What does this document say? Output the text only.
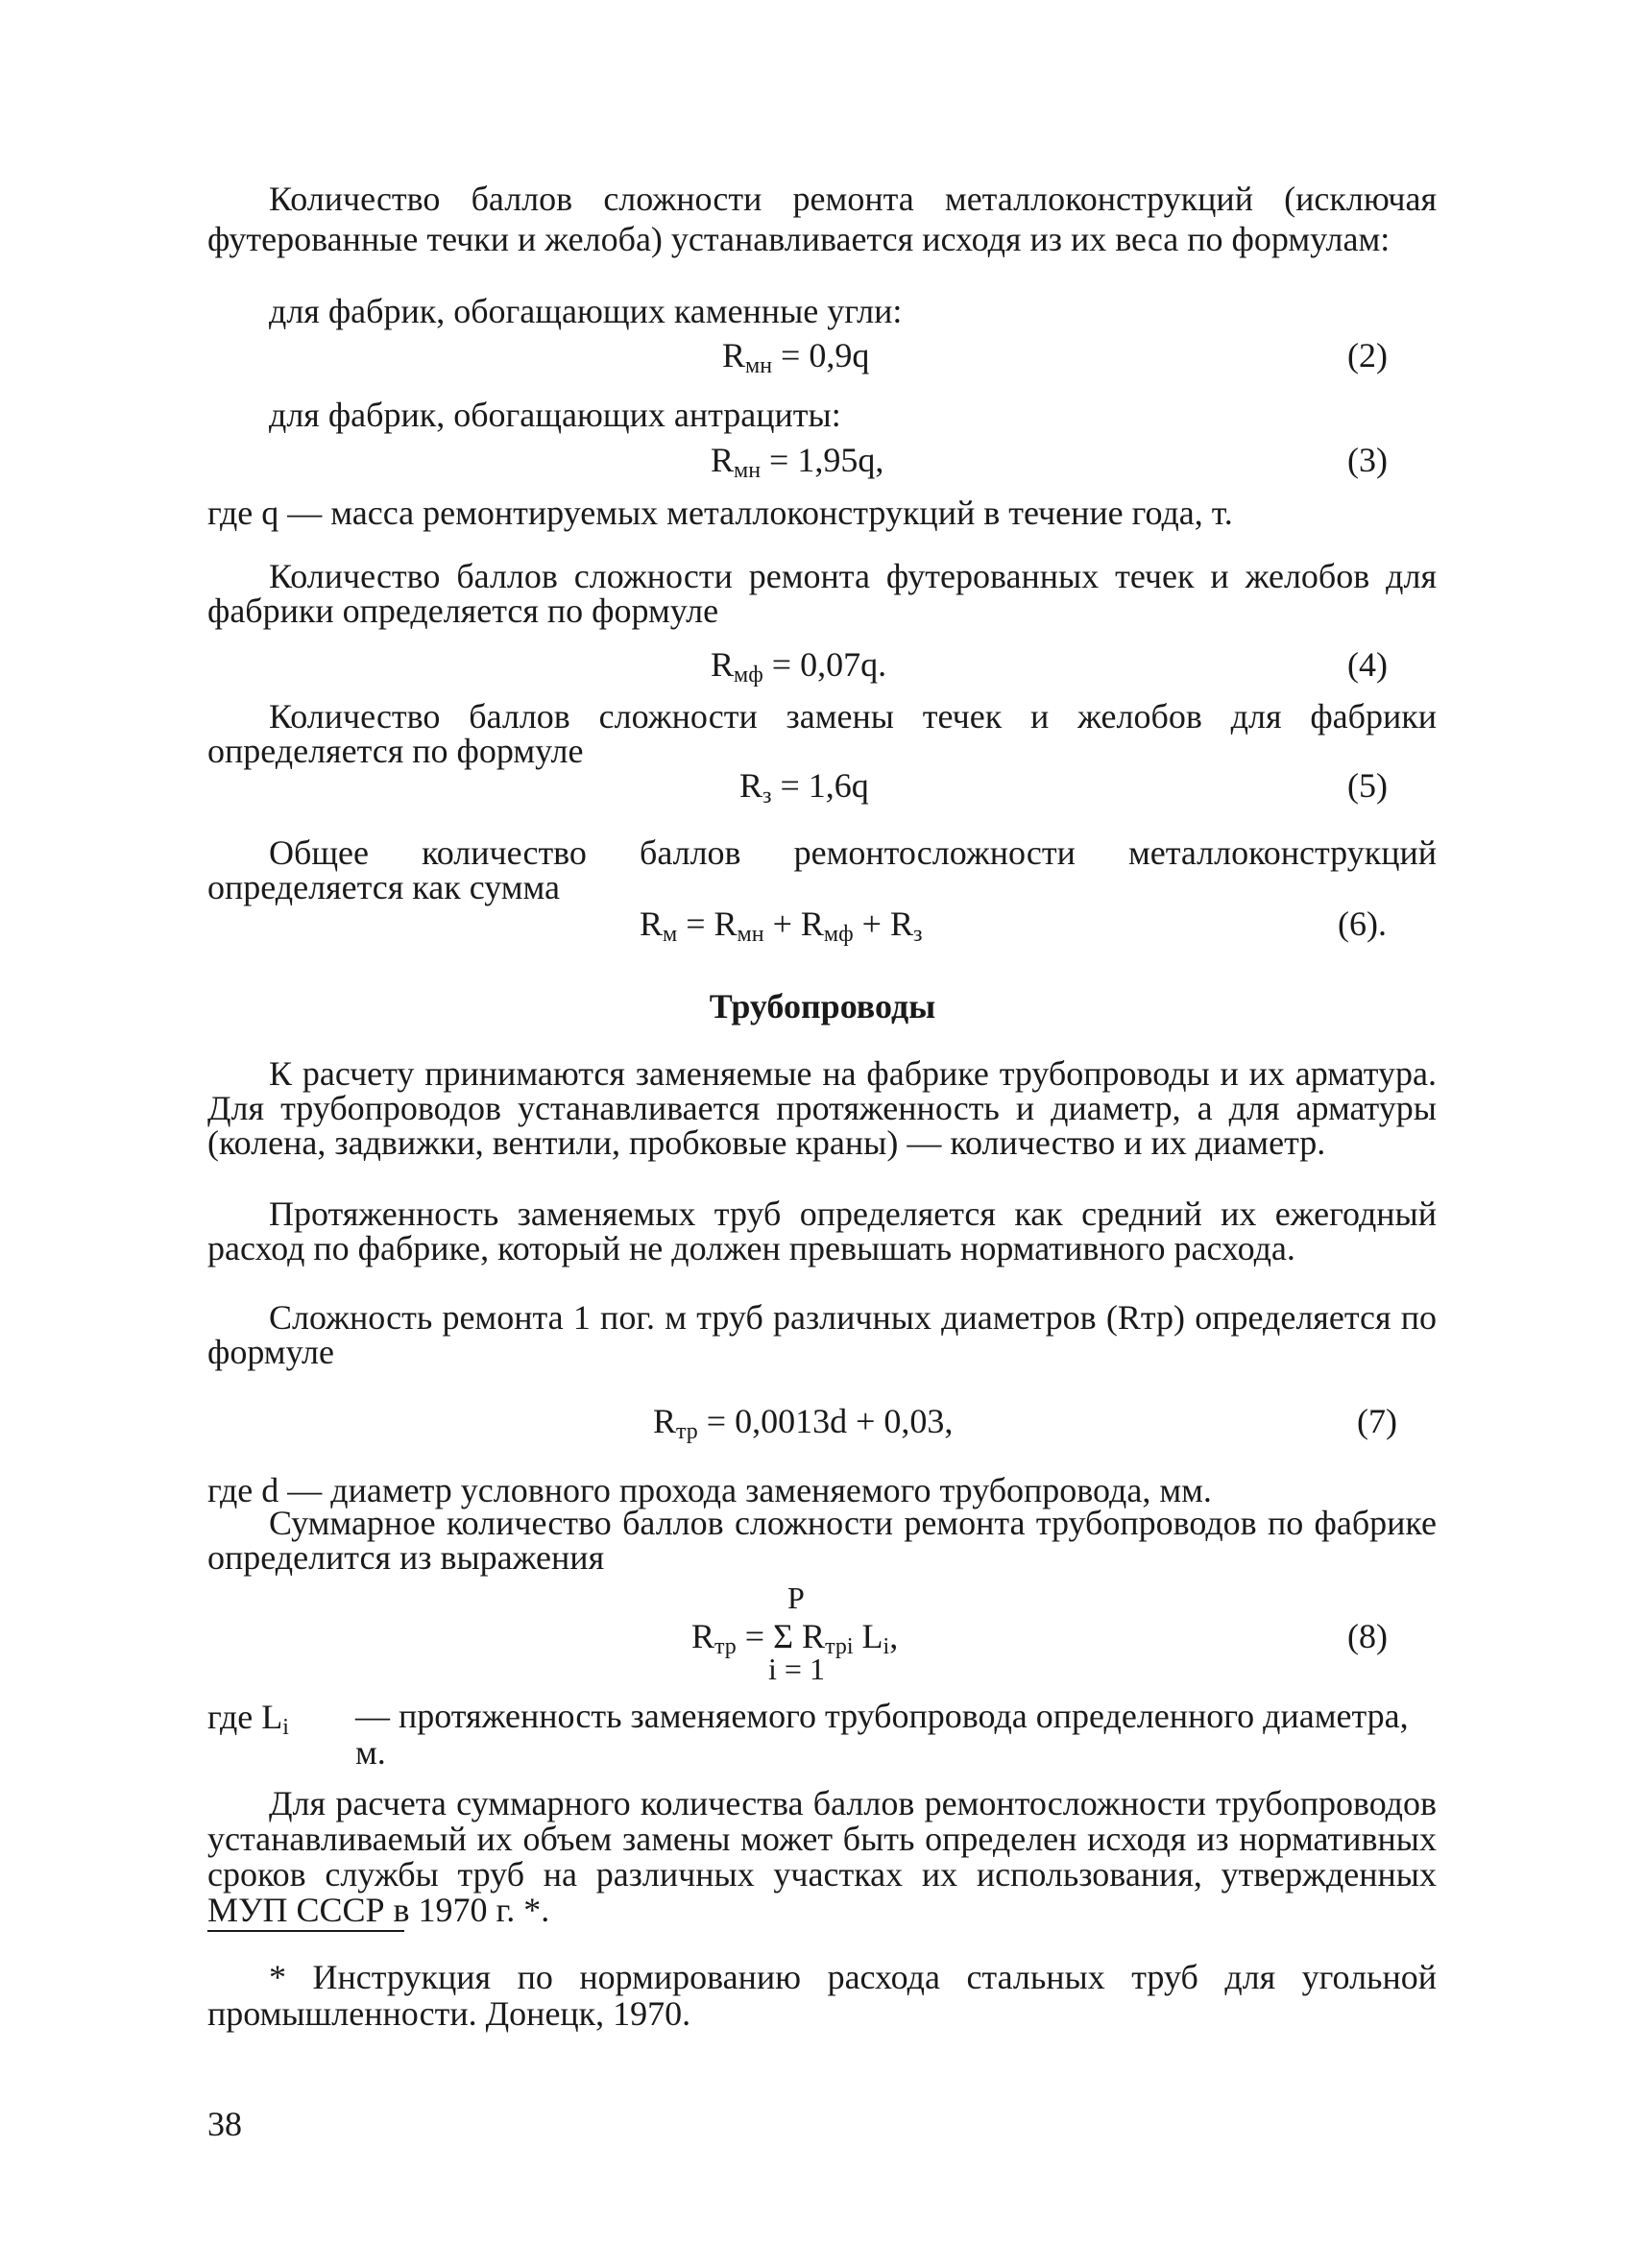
Количество баллов сложности ремонта металлоконструкций (исключая футерованные течки и желоба) устанавливается исходя из их веса по формулам:

для фабрик, обогащающих каменные угли:

$R_{мн} = 0,9q$	(2)

для фабрик, обогащающих антрациты:

$R_{мн} = 1,95q$,	(3)

где q — масса ремонтируемых металлоконструкций в течение года, т.

Количество баллов сложности ремонта футерованных течек и желобов для фабрики определяется по формуле

$R_{мф} = 0,07q$.	(4)

Количество баллов сложности замены течек и желобов для фабрики определяется по формуле

$R_з = 1,6q$	(5)

Общее количество баллов ремонтосложности металлоконструкций определяется как сумма

$R_м = R_{мн} + R_{мф} + R_з$	(6).
Трубопроводы

К расчету принимаются заменяемые на фабрике трубопроводы и их арматура. Для трубопроводов устанавливается протяженность и диаметр, а для арматуры (колена, задвижки, вентили, пробковые краны) — количество и их диаметр.

Протяженность заменяемых труб определяется как средний их ежегодный расход по фабрике, который не должен превышать нормативного расхода.

Сложность ремонта 1 пог. м труб различных диаметров (Rтр) определяется по формуле

$R_{тр} = 0,0013d + 0,03$,	(7)

где d — диаметр условного прохода заменяемого трубопровода, мм.

Суммарное количество баллов сложности ремонта трубопроводов по фабрике определится из выражения

P
$R_{тр} = \Sigma$ $R_{трi}$ $L_i$,
i = 1
(8)
где $L_i$ — протяженность заменяемого трубопровода определенного диаметра, м.

Для расчета суммарного количества баллов ремонтосложности трубопроводов устанавливаемый их объем замены может быть определен исходя из нормативных сроков службы труб на различных участках их использования, утвержденных МУП СССР в 1970 г. *.

* Инструкция по нормированию расхода стальных труб для угольной промышленности. Донецк, 1970.

38
